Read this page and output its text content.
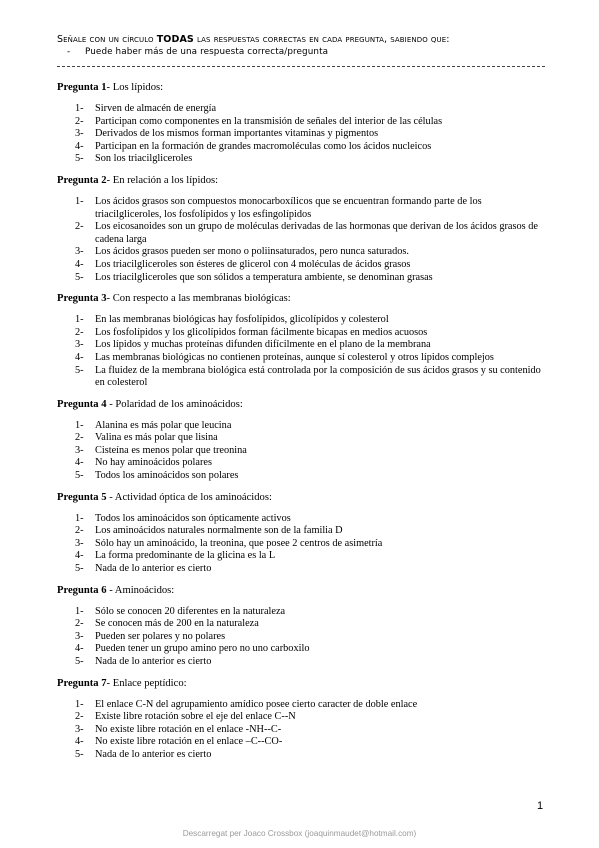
Señale con un círculo TODAS las respuestas correctas en cada pregunta, sabiendo que:
- Puede haber más de una respuesta correcta/pregunta
Pregunta 1- Los lípidos:
1- Sirven de almacén de energía
2- Participan como componentes en la transmisión de señales del interior de las células
3- Derivados de los mismos forman importantes vitaminas y pigmentos
4- Participan en la formación de grandes macromoléculas como los ácidos nucleicos
5- Son los triacilgliceroles
Pregunta 2- En relación a los lípidos:
1- Los ácidos grasos son compuestos monocarboxílicos que se encuentran formando parte de los triacilgliceroles, los fosfolípidos y los esfingolípidos
2- Los eicosanoides son un grupo de moléculas derivadas de las hormonas que derivan de los ácidos grasos de cadena larga
3- Los ácidos grasos pueden ser mono o poliinsaturados, pero nunca saturados.
4- Los triacilgliceroles son ésteres de glicerol con 4 moléculas de ácidos grasos
5- Los triacilgliceroles que son sólidos a temperatura ambiente, se denominan grasas
Pregunta 3- Con respecto a las membranas biológicas:
1- En las membranas biológicas hay fosfolípidos, glicolípidos y colesterol
2- Los fosfolípidos y los glicolípidos forman fácilmente bicapas en medios acuosos
3- Los lípidos y muchas proteínas difunden difícilmente en el plano de la membrana
4- Las membranas biológicas no contienen proteínas, aunque sí colesterol y otros lípidos complejos
5- La fluidez de la membrana biológica está controlada por la composición de sus ácidos grasos y su contenido en colesterol
Pregunta 4 - Polaridad de los aminoácidos:
1- Alanina es más polar que leucina
2- Valina es más polar que lisina
3- Cisteína es menos polar que treonina
4- No hay aminoácidos polares
5- Todos los aminoácidos son polares
Pregunta 5 - Actividad óptica de los aminoácidos:
1- Todos los aminoácidos son ópticamente activos
2- Los aminoácidos naturales normalmente son de la familia D
3- Sólo hay un aminoácido, la treonina, que posee 2 centros de asimetría
4- La forma predominante de la glicina es la L
5- Nada de lo anterior es cierto
Pregunta 6 - Aminoácidos:
1- Sólo se conocen 20 diferentes en la naturaleza
2- Se conocen más de 200 en la naturaleza
3- Pueden ser polares y no polares
4- Pueden tener un grupo amino pero no uno carboxilo
5- Nada de lo anterior es cierto
Pregunta 7- Enlace peptídico:
1- El enlace C-N del agrupamiento amídico posee cierto caracter de doble enlace
2- Existe libre rotación sobre el eje del enlace C--N
3- No existe libre rotación en el enlace -NH--C-
4- No existe libre rotación en el enlace –C--CO-
5- Nada de lo anterior es cierto
1
Descarregat per Joaco Crossbox (joaquinmaudet@hotmail.com)
